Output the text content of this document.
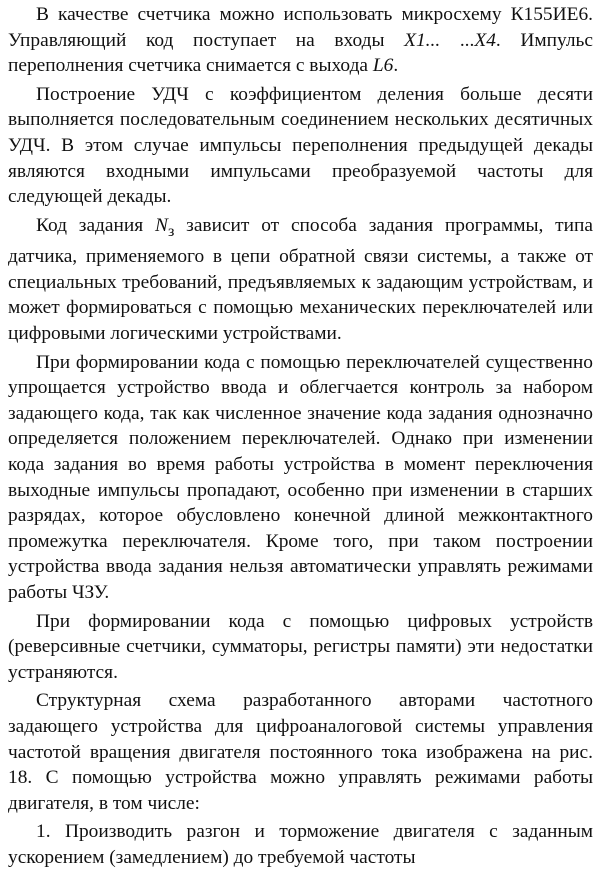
В качестве счетчика можно использовать микросхему К155ИЕ6. Управляющий код поступает на входы X1... ...X4. Импульс переполнения счетчика снимается с выхода L6.

Построение УДЧ с коэффициентом деления больше десяти выполняется последовательным соединением нескольких десятичных УДЧ. В этом случае импульсы переполнения предыдущей декады являются входными импульсами преобразуемой частоты для следующей декады.

Код задания $N_з$ зависит от способа задания программы, типа датчика, применяемого в цепи обратной связи системы, а также от специальных требований, предъявляемых к задающим устройствам, и может формироваться с помощью механических переключателей или цифровыми логическими устройствами.

При формировании кода с помощью переключателей существенно упрощается устройство ввода и облегчается контроль за набором задающего кода, так как численное значение кода задания однозначно определяется положением переключателей. Однако при изменении кода задания во время работы устройства в момент переключения выходные импульсы пропадают, особенно при изменении в старших разрядах, которое обусловлено конечной длиной межконтактного промежутка переключателя. Кроме того, при таком построении устройства ввода задания нельзя автоматически управлять режимами работы ЧЗУ.

При формировании кода с помощью цифровых устройств (реверсивные счетчики, сумматоры, регистры памяти) эти недостатки устраняются.

Структурная схема разработанного авторами частотного задающего устройства для цифроаналоговой системы управления частотой вращения двигателя постоянного тока изображена на рис. 18. С помощью устройства можно управлять режимами работы двигателя, в том числе:

1. Производить разгон и торможение двигателя с заданным ускорением (замедлением) до требуемой частоты
